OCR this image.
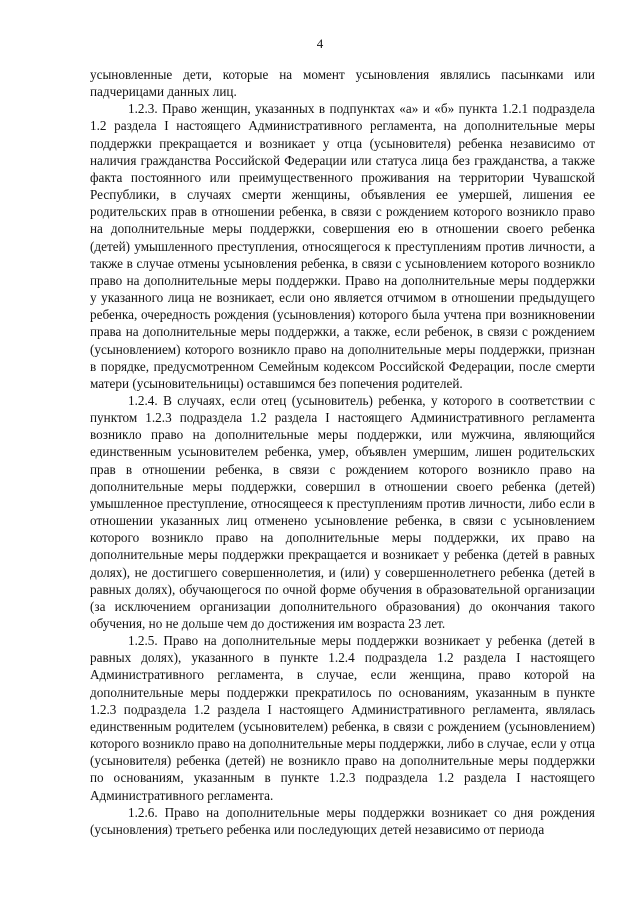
4

усыновленные дети, которые на момент усыновления являлись пасынками или падчерицами данных лиц.

1.2.3. Право женщин, указанных в подпунктах «а» и «б» пункта 1.2.1 подраздела 1.2 раздела I настоящего Административного регламента, на дополнительные меры поддержки прекращается и возникает у отца (усыновителя) ребенка независимо от наличия гражданства Российской Федерации или статуса лица без гражданства, а также факта постоянного или преимущественного проживания на территории Чувашской Республики, в случаях смерти женщины, объявления ее умершей, лишения ее родительских прав в отношении ребенка, в связи с рождением которого возникло право на дополнительные меры поддержки, совершения ею в отношении своего ребенка (детей) умышленного преступления, относящегося к преступлениям против личности, а также в случае отмены усыновления ребенка, в связи с усыновлением которого возникло право на дополнительные меры поддержки. Право на дополнительные меры поддержки у указанного лица не возникает, если оно является отчимом в отношении предыдущего ребенка, очередность рождения (усыновления) которого была учтена при возникновении права на дополнительные меры поддержки, а также, если ребенок, в связи с рождением (усыновлением) которого возникло право на дополнительные меры поддержки, признан в порядке, предусмотренном Семейным кодексом Российской Федерации, после смерти матери (усыновительницы) оставшимся без попечения родителей.

1.2.4. В случаях, если отец (усыновитель) ребенка, у которого в соответствии с пунктом 1.2.3 подраздела 1.2 раздела I настоящего Административного регламента возникло право на дополнительные меры поддержки, или мужчина, являющийся единственным усыновителем ребенка, умер, объявлен умершим, лишен родительских прав в отношении ребенка, в связи с рождением которого возникло право на дополнительные меры поддержки, совершил в отношении своего ребенка (детей) умышленное преступление, относящееся к преступлениям против личности, либо если в отношении указанных лиц отменено усыновление ребенка, в связи с усыновлением которого возникло право на дополнительные меры поддержки, их право на дополнительные меры поддержки прекращается и возникает у ребенка (детей в равных долях), не достигшего совершеннолетия, и (или) у совершеннолетнего ребенка (детей в равных долях), обучающегося по очной форме обучения в образовательной организации (за исключением организации дополнительного образования) до окончания такого обучения, но не дольше чем до достижения им возраста 23 лет.

1.2.5. Право на дополнительные меры поддержки возникает у ребенка (детей в равных долях), указанного в пункте 1.2.4 подраздела 1.2 раздела I настоящего Административного регламента, в случае, если женщина, право которой на дополнительные меры поддержки прекратилось по основаниям, указанным в пункте 1.2.3 подраздела 1.2 раздела I настоящего Административного регламента, являлась единственным родителем (усыновителем) ребенка, в связи с рождением (усыновлением) которого возникло право на дополнительные меры поддержки, либо в случае, если у отца (усыновителя) ребенка (детей) не возникло право на дополнительные меры поддержки по основаниям, указанным в пункте 1.2.3 подраздела 1.2 раздела I настоящего Административного регламента.

1.2.6. Право на дополнительные меры поддержки возникает со дня рождения (усыновления) третьего ребенка или последующих детей независимо от периода
